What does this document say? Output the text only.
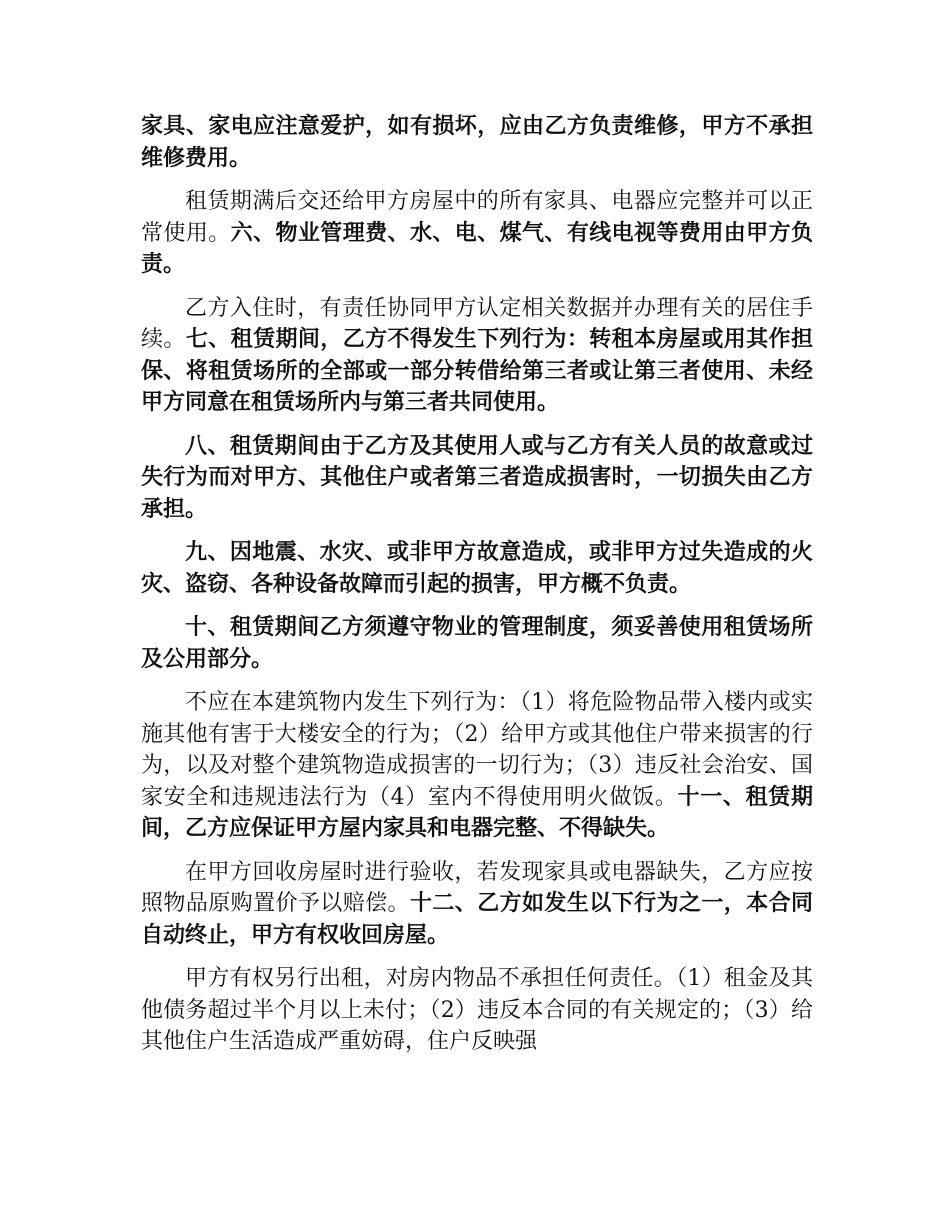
家具、家电应注意爱护，如有损坏，应由乙方负责维修，甲方不承担维修费用。

租赁期满后交还给甲方房屋中的所有家具、电器应完整并可以正常使用。六、物业管理费、水、电、煤气、有线电视等费用由甲方负责。

乙方入住时，有责任协同甲方认定相关数据并办理有关的居住手续。七、租赁期间，乙方不得发生下列行为：转租本房屋或用其作担保、将租赁场所的全部或一部分转借给第三者或让第三者使用、未经甲方同意在租赁场所内与第三者共同使用。

八、租赁期间由于乙方及其使用人或与乙方有关人员的故意或过失行为而对甲方、其他住户或者第三者造成损害时，一切损失由乙方承担。

九、因地震、水灾、或非甲方故意造成，或非甲方过失造成的火灾、盗窃、各种设备故障而引起的损害，甲方概不负责。

十、租赁期间乙方须遵守物业的管理制度，须妥善使用租赁场所及公用部分。

不应在本建筑物内发生下列行为：（1）将危险物品带入楼内或实施其他有害于大楼安全的行为；（2）给甲方或其他住户带来损害的行为，以及对整个建筑物造成损害的一切行为；（3）违反社会治安、国家安全和违规违法行为（4）室内不得使用明火做饭。十一、租赁期间，乙方应保证甲方屋内家具和电器完整、不得缺失。

在甲方回收房屋时进行验收，若发现家具或电器缺失，乙方应按照物品原购置价予以赔偿。十二、乙方如发生以下行为之一，本合同自动终止，甲方有权收回房屋。

甲方有权另行出租，对房内物品不承担任何责任。（1）租金及其他债务超过半个月以上未付；（2）违反本合同的有关规定的；（3）给其他住户生活造成严重妨碍，住户反映强
